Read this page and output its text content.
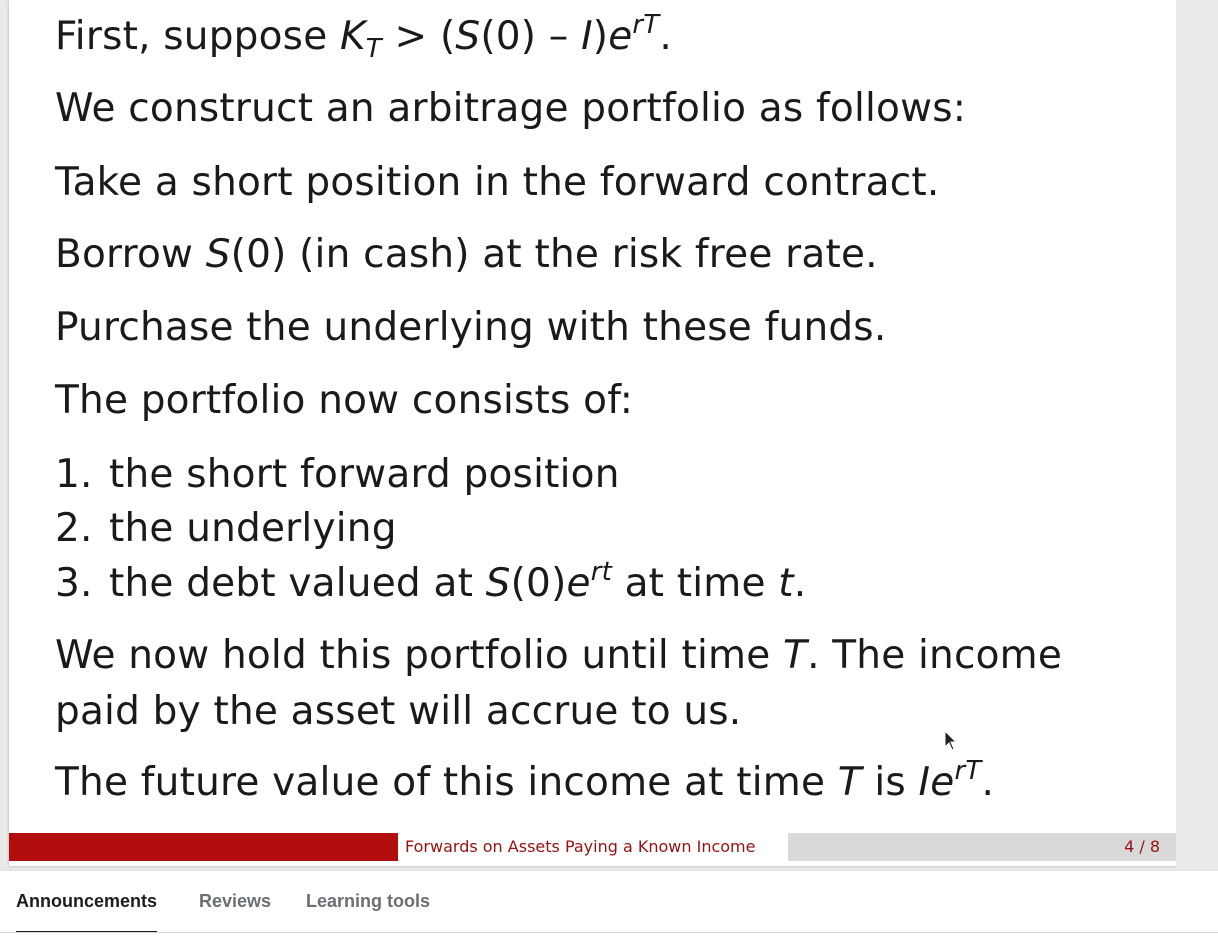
First, suppose $K_T > (S(0) - I)e^{rT}$.
We construct an arbitrage portfolio as follows:
Take a short position in the forward contract.
Borrow S(0) (in cash) at the risk free rate.
Purchase the underlying with these funds.
The portfolio now consists of:
1. the short forward position
2. the underlying
3. the debt valued at $S(0)e^{rt}$ at time t.
We now hold this portfolio until time T. The income
paid by the asset will accrue to us.
The future value of this income at time T is $Ie^{rT}$.
Forwards on Assets Paying a Known Income	4 / 8
Announcements Reviews Learning tools
